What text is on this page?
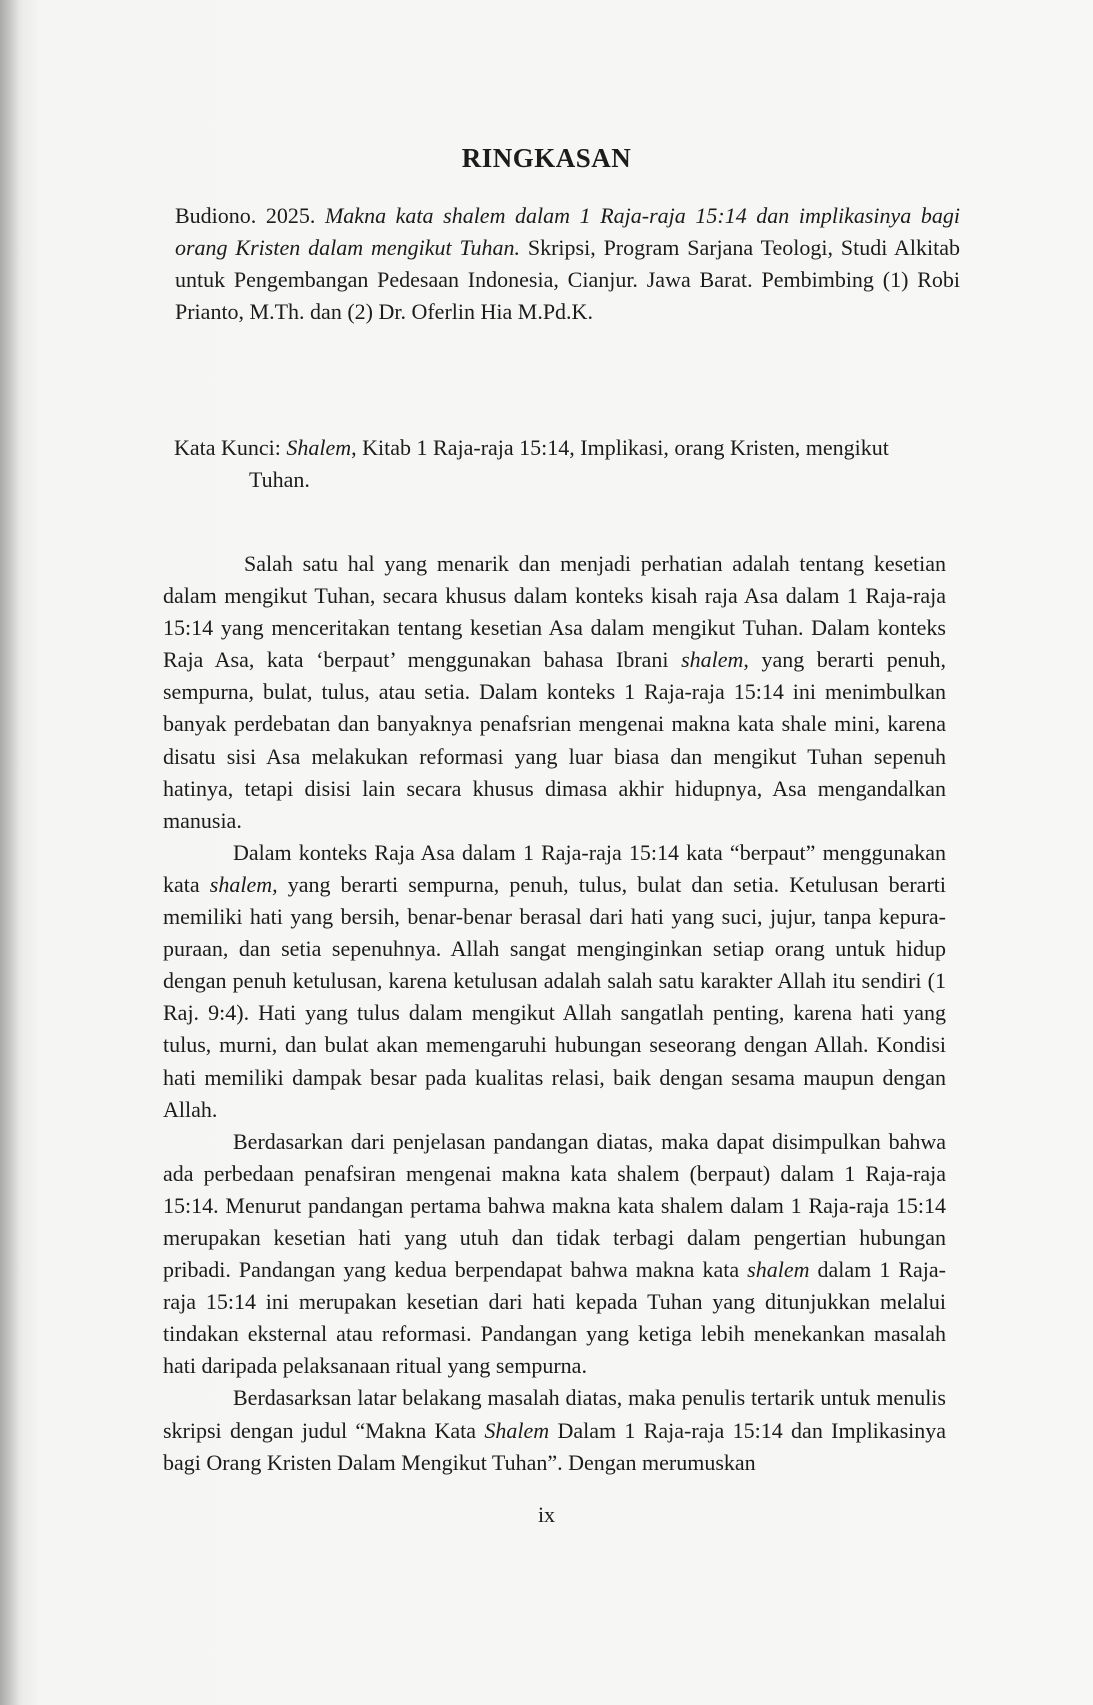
RINGKASAN
Budiono. 2025. Makna kata shalem dalam 1 Raja-raja 15:14 dan implikasinya bagi orang Kristen dalam mengikut Tuhan. Skripsi, Program Sarjana Teologi, Studi Alkitab untuk Pengembangan Pedesaan Indonesia, Cianjur. Jawa Barat. Pembimbing (1) Robi Prianto, M.Th. dan (2) Dr. Oferlin Hia M.Pd.K.
Kata Kunci: Shalem, Kitab 1 Raja-raja 15:14, Implikasi, orang Kristen, mengikut
Tuhan.

Salah satu hal yang menarik dan menjadi perhatian adalah tentang kesetian dalam mengikut Tuhan, secara khusus dalam konteks kisah raja Asa dalam 1 Raja-raja 15:14 yang menceritakan tentang kesetian Asa dalam mengikut Tuhan. Dalam konteks Raja Asa, kata ‘berpaut’ menggunakan bahasa Ibrani shalem, yang berarti penuh, sempurna, bulat, tulus, atau setia. Dalam konteks 1 Raja-raja 15:14 ini menimbulkan banyak perdebatan dan banyaknya penafsrian mengenai makna kata shale mini, karena disatu sisi Asa melakukan reformasi yang luar biasa dan mengikut Tuhan sepenuh hatinya, tetapi disisi lain secara khusus dimasa akhir hidupnya, Asa mengandalkan manusia.

Dalam konteks Raja Asa dalam 1 Raja-raja 15:14 kata “berpaut” menggunakan kata shalem, yang berarti sempurna, penuh, tulus, bulat dan setia. Ketulusan berarti memiliki hati yang bersih, benar-benar berasal dari hati yang suci, jujur, tanpa kepura-puraan, dan setia sepenuhnya. Allah sangat menginginkan setiap orang untuk hidup dengan penuh ketulusan, karena ketulusan adalah salah satu karakter Allah itu sendiri (1 Raj. 9:4). Hati yang tulus dalam mengikut Allah sangatlah penting, karena hati yang tulus, murni, dan bulat akan memengaruhi hubungan seseorang dengan Allah. Kondisi hati memiliki dampak besar pada kualitas relasi, baik dengan sesama maupun dengan Allah.

Berdasarkan dari penjelasan pandangan diatas, maka dapat disimpulkan bahwa ada perbedaan penafsiran mengenai makna kata shalem (berpaut) dalam 1 Raja-raja 15:14. Menurut pandangan pertama bahwa makna kata shalem dalam 1 Raja-raja 15:14 merupakan kesetian hati yang utuh dan tidak terbagi dalam pengertian hubungan pribadi. Pandangan yang kedua berpendapat bahwa makna kata shalem dalam 1 Raja-raja 15:14 ini merupakan kesetian dari hati kepada Tuhan yang ditunjukkan melalui tindakan eksternal atau reformasi. Pandangan yang ketiga lebih menekankan masalah hati daripada pelaksanaan ritual yang sempurna.

Berdasarksan latar belakang masalah diatas, maka penulis tertarik untuk menulis skripsi dengan judul “Makna Kata Shalem Dalam 1 Raja-raja 15:14 dan Implikasinya bagi Orang Kristen Dalam Mengikut Tuhan”. Dengan merumuskan

ix
